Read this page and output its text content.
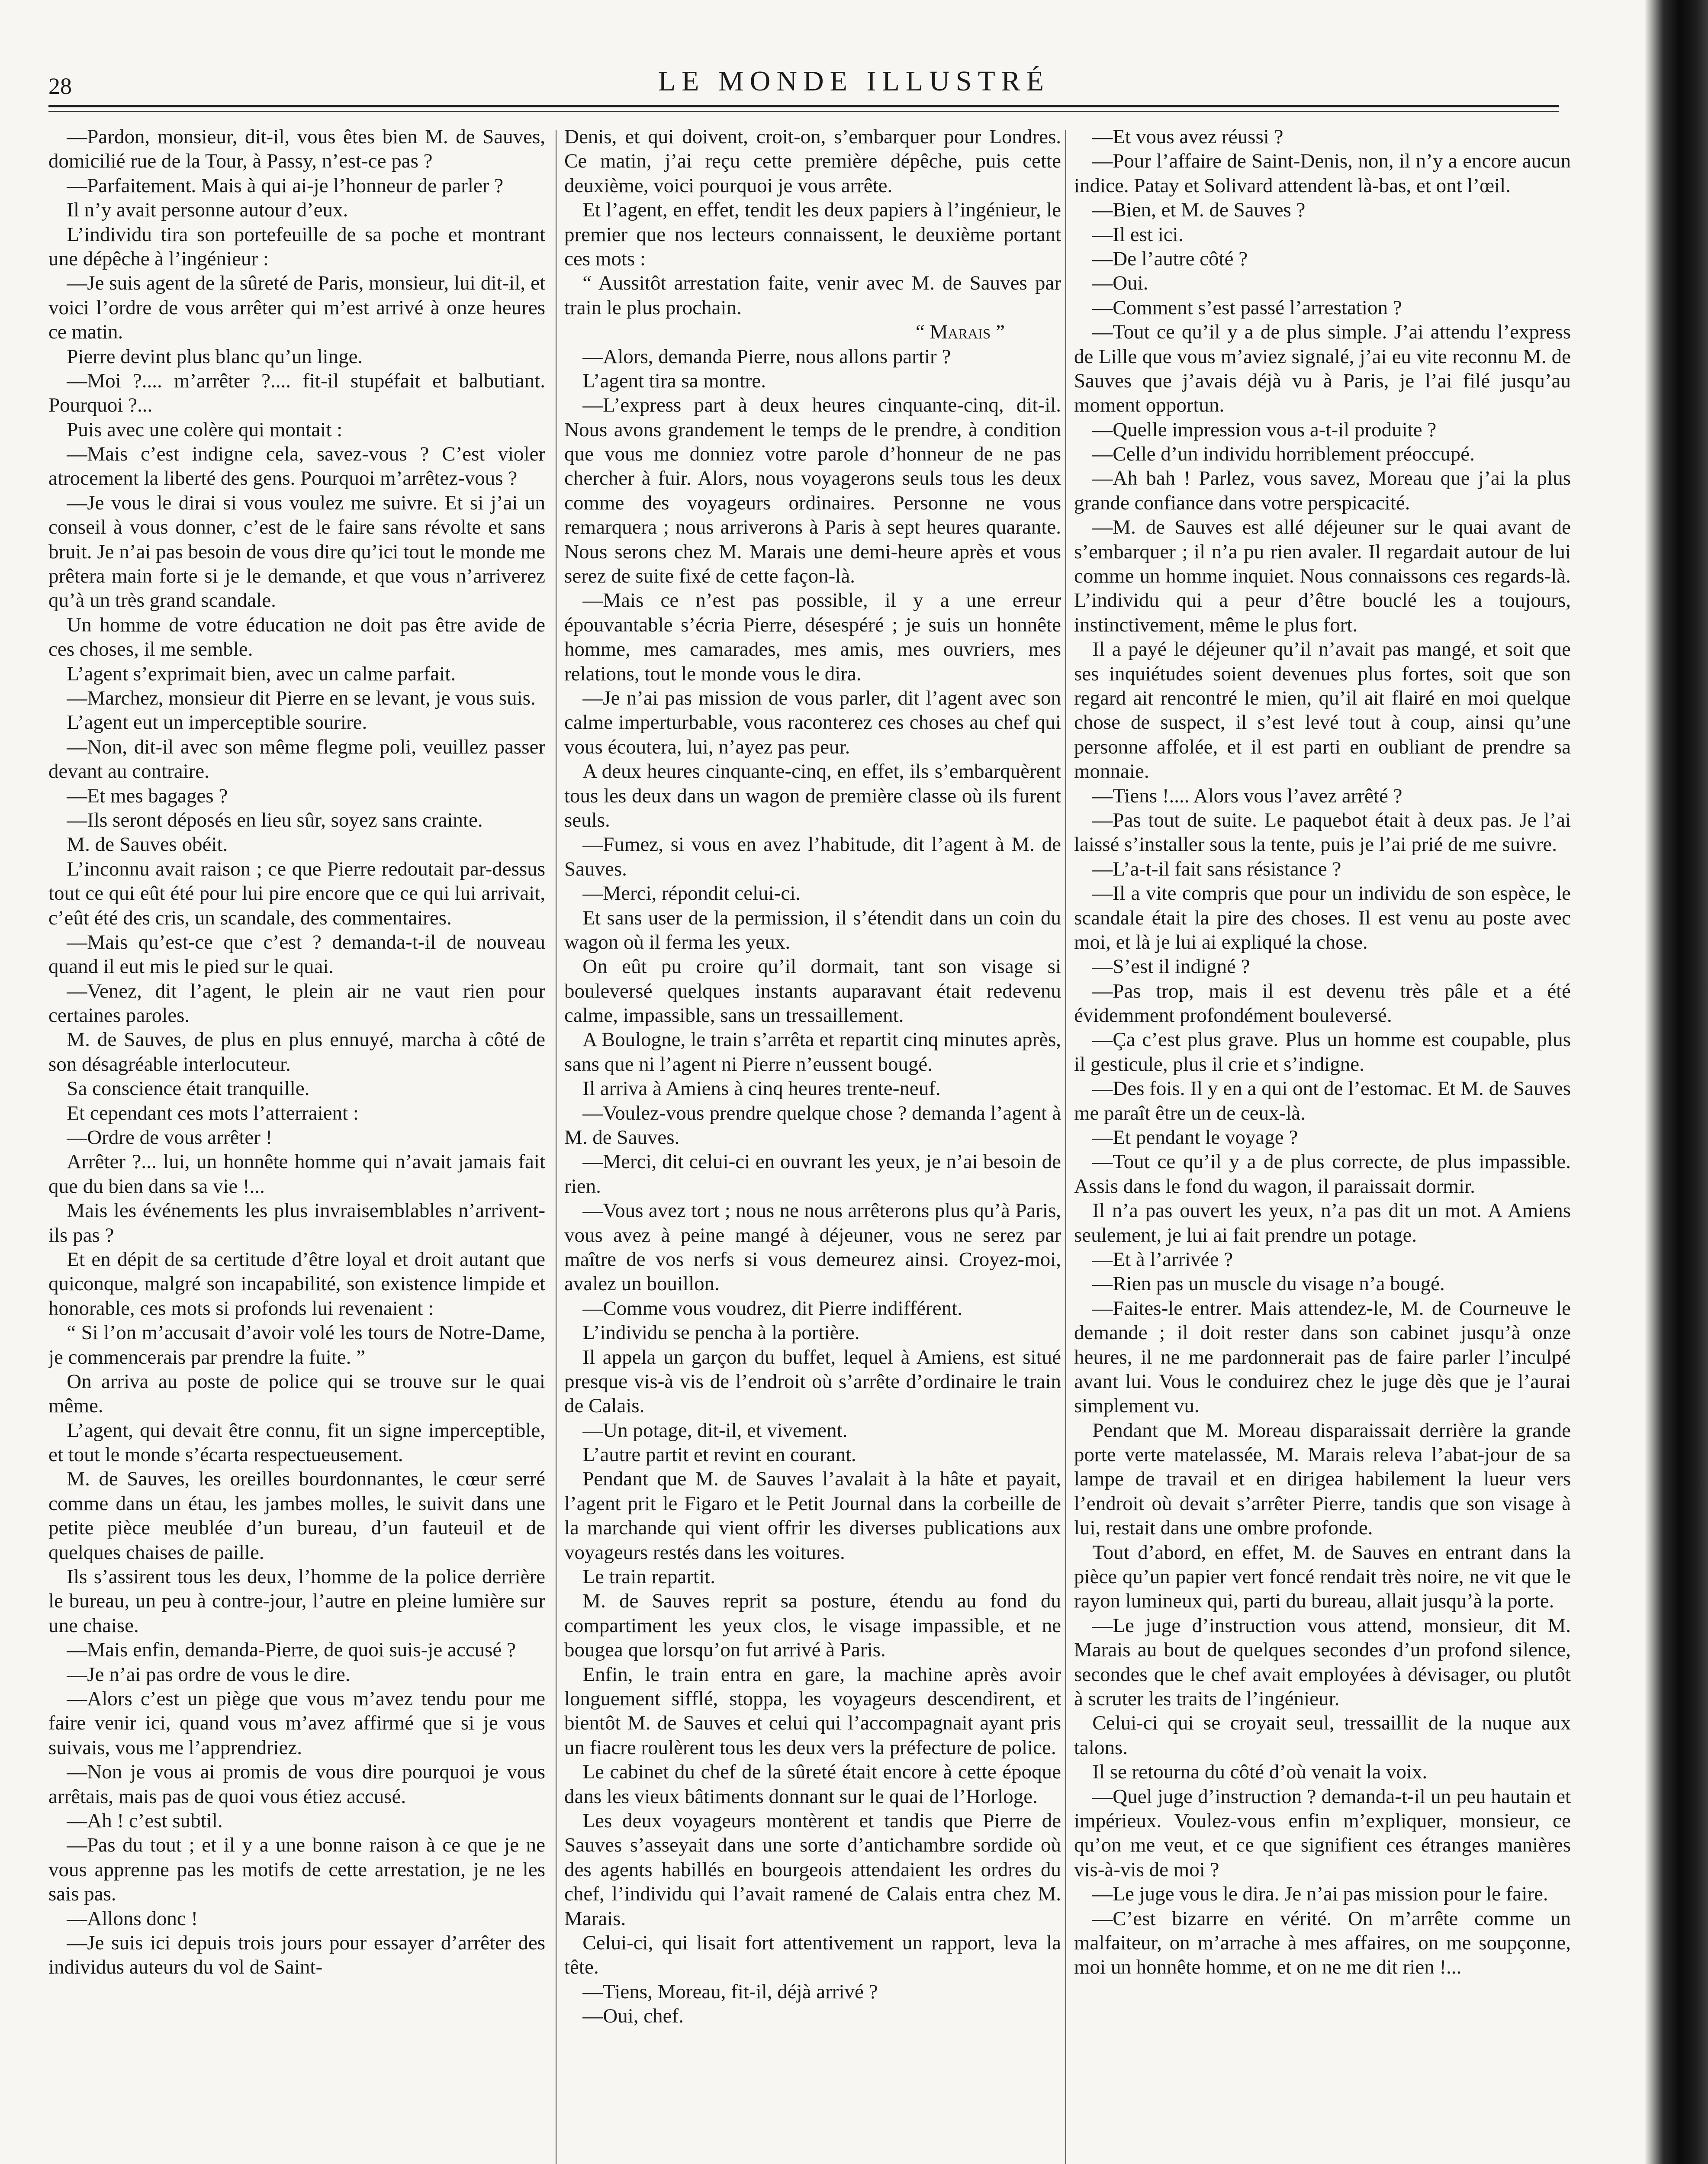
28	LE MONDE ILLUSTRÉ

—Pardon, monsieur, dit-il, vous êtes bien M. de Sauves, domicilié rue de la Tour, à Passy, n’est-ce pas ?

—Parfaitement. Mais à qui ai-je l’honneur de parler ?

Il n’y avait personne autour d’eux.

L’individu tira son portefeuille de sa poche et montrant une dépêche à l’ingénieur :

—Je suis agent de la sûreté de Paris, monsieur, lui dit-il, et voici l’ordre de vous arrêter qui m’est arrivé à onze heures ce matin.

Pierre devint plus blanc qu’un linge.

—Moi ?.... m’arrêter ?.... fit-il stupéfait et balbutiant. Pourquoi ?...

Puis avec une colère qui montait :

—Mais c’est indigne cela, savez-vous ? C’est violer atrocement la liberté des gens. Pourquoi m’arrêtez-vous ?

—Je vous le dirai si vous voulez me suivre. Et si j’ai un conseil à vous donner, c’est de le faire sans révolte et sans bruit. Je n’ai pas besoin de vous dire qu’ici tout le monde me prêtera main forte si je le demande, et que vous n’arriverez qu’à un très grand scandale.

Un homme de votre éducation ne doit pas être avide de ces choses, il me semble.

L’agent s’exprimait bien, avec un calme parfait.

—Marchez, monsieur dit Pierre en se levant, je vous suis.

L’agent eut un imperceptible sourire.

—Non, dit-il avec son même flegme poli, veuillez passer devant au contraire.

—Et mes bagages ?

—Ils seront déposés en lieu sûr, soyez sans crainte.

M. de Sauves obéit.

L’inconnu avait raison ; ce que Pierre redoutait par-dessus tout ce qui eût été pour lui pire encore que ce qui lui arrivait, c’eût été des cris, un scandale, des commentaires.

—Mais qu’est-ce que c’est ? demanda-t-il de nouveau quand il eut mis le pied sur le quai.

—Venez, dit l’agent, le plein air ne vaut rien pour certaines paroles.

M. de Sauves, de plus en plus ennuyé, marcha à côté de son désagréable interlocuteur.

Sa conscience était tranquille.

Et cependant ces mots l’atterraient :

—Ordre de vous arrêter !

Arrêter ?... lui, un honnête homme qui n’avait jamais fait que du bien dans sa vie !...

Mais les événements les plus invraisemblables n’arrivent-ils pas ?

Et en dépit de sa certitude d’être loyal et droit autant que quiconque, malgré son incapabilité, son existence limpide et honorable, ces mots si profonds lui revenaient :

“ Si l’on m’accusait d’avoir volé les tours de Notre-Dame, je commencerais par prendre la fuite. ”

On arriva au poste de police qui se trouve sur le quai même.

L’agent, qui devait être connu, fit un signe imperceptible, et tout le monde s’écarta respectueusement.

M. de Sauves, les oreilles bourdonnantes, le cœur serré comme dans un étau, les jambes molles, le suivit dans une petite pièce meublée d’un bureau, d’un fauteuil et de quelques chaises de paille.

Ils s’assirent tous les deux, l’homme de la police derrière le bureau, un peu à contre-jour, l’autre en pleine lumière sur une chaise.

—Mais enfin, demanda-Pierre, de quoi suis-je accusé ?

—Je n’ai pas ordre de vous le dire.

—Alors c’est un piège que vous m’avez tendu pour me faire venir ici, quand vous m’avez affirmé que si je vous suivais, vous me l’apprendriez.

—Non je vous ai promis de vous dire pourquoi je vous arrêtais, mais pas de quoi vous étiez accusé.

—Ah ! c’est subtil.

—Pas du tout ; et il y a une bonne raison à ce que je ne vous apprenne pas les motifs de cette arrestation, je ne les sais pas.

—Allons donc !

—Je suis ici depuis trois jours pour essayer d’arrêter des individus auteurs du vol de Saint-

Denis, et qui doivent, croit-on, s’embarquer pour Londres. Ce matin, j’ai reçu cette première dépêche, puis cette deuxième, voici pourquoi je vous arrête.

Et l’agent, en effet, tendit les deux papiers à l’ingénieur, le premier que nos lecteurs connaissent, le deuxième portant ces mots :

“ Aussitôt arrestation faite, venir avec M. de Sauves par train le plus prochain.

“ Marais ”

—Alors, demanda Pierre, nous allons partir ?

L’agent tira sa montre.

—L’express part à deux heures cinquante-cinq, dit-il. Nous avons grandement le temps de le prendre, à condition que vous me donniez votre parole d’honneur de ne pas chercher à fuir. Alors, nous voyagerons seuls tous les deux comme des voyageurs ordinaires. Personne ne vous remarquera ; nous arriverons à Paris à sept heures quarante. Nous serons chez M. Marais une demi-heure après et vous serez de suite fixé de cette façon-là.

—Mais ce n’est pas possible, il y a une erreur épouvantable s’écria Pierre, désespéré ; je suis un honnête homme, mes camarades, mes amis, mes ouvriers, mes relations, tout le monde vous le dira.

—Je n’ai pas mission de vous parler, dit l’agent avec son calme imperturbable, vous raconterez ces choses au chef qui vous écoutera, lui, n’ayez pas peur.

A deux heures cinquante-cinq, en effet, ils s’embarquèrent tous les deux dans un wagon de première classe où ils furent seuls.

—Fumez, si vous en avez l’habitude, dit l’agent à M. de Sauves.

—Merci, répondit celui-ci.

Et sans user de la permission, il s’étendit dans un coin du wagon où il ferma les yeux.

On eût pu croire qu’il dormait, tant son visage si bouleversé quelques instants auparavant était redevenu calme, impassible, sans un tressaillement.

A Boulogne, le train s’arrêta et repartit cinq minutes après, sans que ni l’agent ni Pierre n’eussent bougé.

Il arriva à Amiens à cinq heures trente-neuf.

—Voulez-vous prendre quelque chose ? demanda l’agent à M. de Sauves.

—Merci, dit celui-ci en ouvrant les yeux, je n’ai besoin de rien.

—Vous avez tort ; nous ne nous arrêterons plus qu’à Paris, vous avez à peine mangé à déjeuner, vous ne serez par maître de vos nerfs si vous demeurez ainsi. Croyez-moi, avalez un bouillon.

—Comme vous voudrez, dit Pierre indifférent.

L’individu se pencha à la portière.

Il appela un garçon du buffet, lequel à Amiens, est situé presque vis-à vis de l’endroit où s’arrête d’ordinaire le train de Calais.

—Un potage, dit-il, et vivement.

L’autre partit et revint en courant.

Pendant que M. de Sauves l’avalait à la hâte et payait, l’agent prit le Figaro et le Petit Journal dans la corbeille de la marchande qui vient offrir les diverses publications aux voyageurs restés dans les voitures.

Le train repartit.

M. de Sauves reprit sa posture, étendu au fond du compartiment les yeux clos, le visage impassible, et ne bougea que lorsqu’on fut arrivé à Paris.

Enfin, le train entra en gare, la machine après avoir longuement sifflé, stoppa, les voyageurs descendirent, et bientôt M. de Sauves et celui qui l’accompagnait ayant pris un fiacre roulèrent tous les deux vers la préfecture de police.

Le cabinet du chef de la sûreté était encore à cette époque dans les vieux bâtiments donnant sur le quai de l’Horloge.

Les deux voyageurs montèrent et tandis que Pierre de Sauves s’asseyait dans une sorte d’antichambre sordide où des agents habillés en bourgeois attendaient les ordres du chef, l’individu qui l’avait ramené de Calais entra chez M. Marais.

Celui-ci, qui lisait fort attentivement un rapport, leva la tête.

—Tiens, Moreau, fit-il, déjà arrivé ?

—Oui, chef.

—Et vous avez réussi ?

—Pour l’affaire de Saint-Denis, non, il n’y a encore aucun indice. Patay et Solivard attendent là-bas, et ont l’œil.

—Bien, et M. de Sauves ?

—Il est ici.

—De l’autre côté ?

—Oui.

—Comment s’est passé l’arrestation ?

—Tout ce qu’il y a de plus simple. J’ai attendu l’express de Lille que vous m’aviez signalé, j’ai eu vite reconnu M. de Sauves que j’avais déjà vu à Paris, je l’ai filé jusqu’au moment opportun.

—Quelle impression vous a-t-il produite ?

—Celle d’un individu horriblement préoccupé.

—Ah bah ! Parlez, vous savez, Moreau que j’ai la plus grande confiance dans votre perspicacité.

—M. de Sauves est allé déjeuner sur le quai avant de s’embarquer ; il n’a pu rien avaler. Il regardait autour de lui comme un homme inquiet. Nous connaissons ces regards-là. L’individu qui a peur d’être bouclé les a toujours, instinctivement, même le plus fort.

Il a payé le déjeuner qu’il n’avait pas mangé, et soit que ses inquiétudes soient devenues plus fortes, soit que son regard ait rencontré le mien, qu’il ait flairé en moi quelque chose de suspect, il s’est levé tout à coup, ainsi qu’une personne affolée, et il est parti en oubliant de prendre sa monnaie.

—Tiens !.... Alors vous l’avez arrêté ?

—Pas tout de suite. Le paquebot était à deux pas. Je l’ai laissé s’installer sous la tente, puis je l’ai prié de me suivre.

—L’a-t-il fait sans résistance ?

—Il a vite compris que pour un individu de son espèce, le scandale était la pire des choses. Il est venu au poste avec moi, et là je lui ai expliqué la chose.

—S’est il indigné ?

—Pas trop, mais il est devenu très pâle et a été évidemment profondément bouleversé.

—Ça c’est plus grave. Plus un homme est coupable, plus il gesticule, plus il crie et s’indigne.

—Des fois. Il y en a qui ont de l’estomac. Et M. de Sauves me paraît être un de ceux-là.

—Et pendant le voyage ?

—Tout ce qu’il y a de plus correcte, de plus impassible. Assis dans le fond du wagon, il paraissait dormir.

Il n’a pas ouvert les yeux, n’a pas dit un mot. A Amiens seulement, je lui ai fait prendre un potage.

—Et à l’arrivée ?

—Rien pas un muscle du visage n’a bougé.

—Faites-le entrer. Mais attendez-le, M. de Courneuve le demande ; il doit rester dans son cabinet jusqu’à onze heures, il ne me pardonnerait pas de faire parler l’inculpé avant lui. Vous le conduirez chez le juge dès que je l’aurai simplement vu.

Pendant que M. Moreau disparaissait derrière la grande porte verte matelassée, M. Marais releva l’abat-jour de sa lampe de travail et en dirigea habilement la lueur vers l’endroit où devait s’arrêter Pierre, tandis que son visage à lui, restait dans une ombre profonde.

Tout d’abord, en effet, M. de Sauves en entrant dans la pièce qu’un papier vert foncé rendait très noire, ne vit que le rayon lumineux qui, parti du bureau, allait jusqu’à la porte.

—Le juge d’instruction vous attend, monsieur, dit M. Marais au bout de quelques secondes d’un profond silence, secondes que le chef avait employées à dévisager, ou plutôt à scruter les traits de l’ingénieur.

Celui-ci qui se croyait seul, tressaillit de la nuque aux talons.

Il se retourna du côté d’où venait la voix.

—Quel juge d’instruction ? demanda-t-il un peu hautain et impérieux. Voulez-vous enfin m’expliquer, monsieur, ce qu’on me veut, et ce que signifient ces étranges manières vis-à-vis de moi ?

—Le juge vous le dira. Je n’ai pas mission pour le faire.

—C’est bizarre en vérité. On m’arrête comme un malfaiteur, on m’arrache à mes affaires, on me soupçonne, moi un honnête homme, et on ne me dit rien !...
